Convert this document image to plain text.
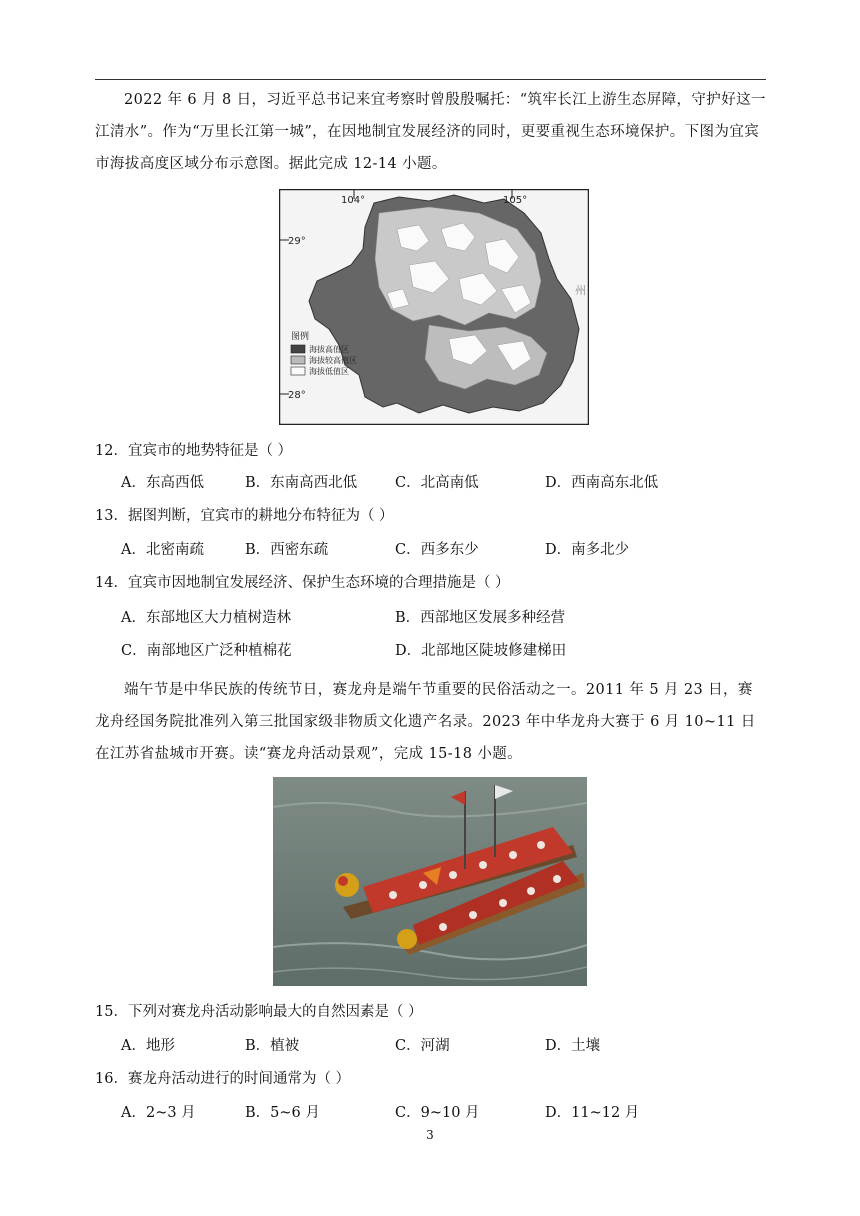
2022 年 6 月 8 日，习近平总书记来宜考察时曾殷殷嘱托：“筑牢长江上游生态屏障，守护好这一江清水”。作为“万里长江第一城”，在因地制宜发展经济的同时，更要重视生态环境保护。下图为宜宾市海拔高度区域分布示意图。据此完成 12-14 小题。
104°	105°
29°
28°
州
图例
海拔高值区
海拔较高值区
海拔低值区
12．宜宾市的地势特征是（ ）
A．东高西低	B．东南高西北低	C．北高南低	D．西南高东北低
13．据图判断，宜宾市的耕地分布特征为（ ）
A．北密南疏	B．西密东疏	C．西多东少	D．南多北少
14．宜宾市因地制宜发展经济、保护生态环境的合理措施是（ ）
A．东部地区大力植树造林	B．西部地区发展多种经营
C．南部地区广泛种植棉花	D．北部地区陡坡修建梯田
端午节是中华民族的传统节日，赛龙舟是端午节重要的民俗活动之一。2011 年 5 月 23 日，赛龙舟经国务院批准列入第三批国家级非物质文化遗产名录。2023 年中华龙舟大赛于 6 月 10~11 日在江苏省盐城市开赛。读“赛龙舟活动景观”，完成 15-18 小题。
15．下列对赛龙舟活动影响最大的自然因素是（ ）
A．地形	B．植被	C．河湖	D．土壤
16．赛龙舟活动进行的时间通常为（ ）
A．2~3 月	B．5~6 月	C．9~10 月	D．11~12 月
3
